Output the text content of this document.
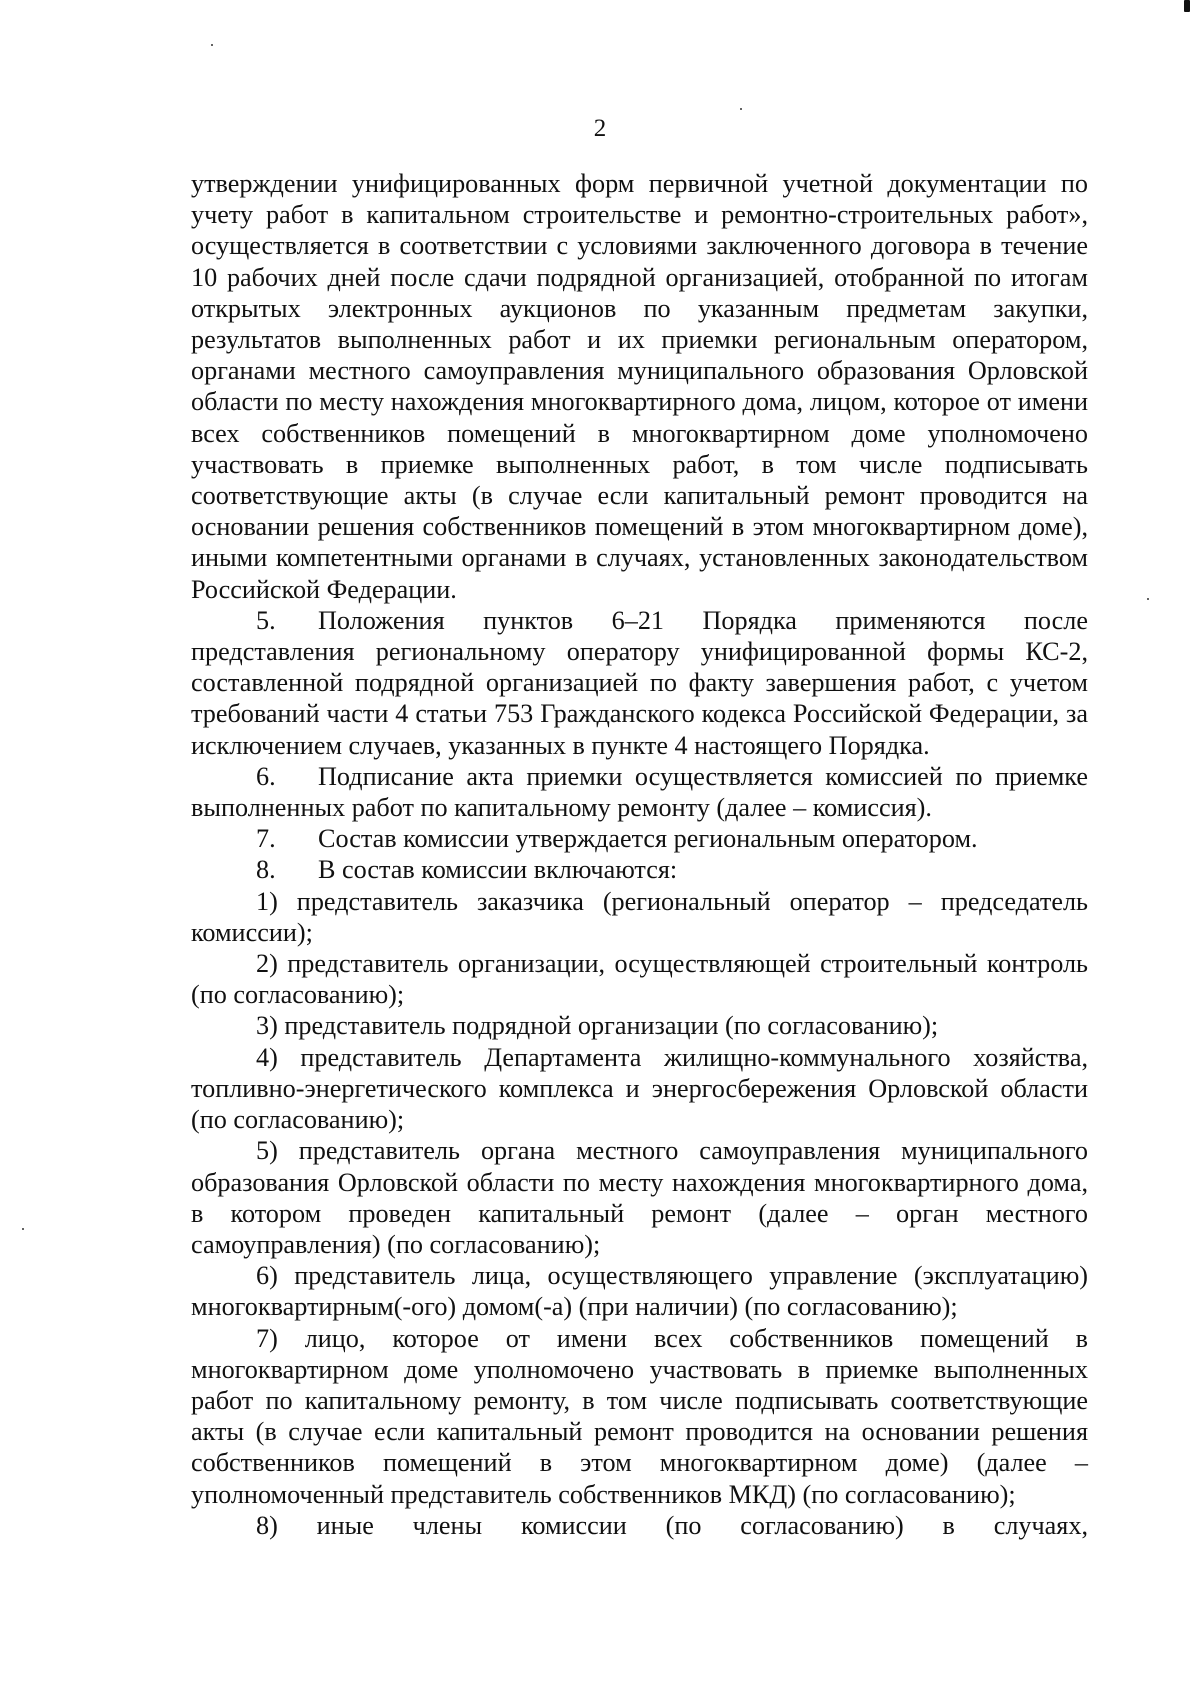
2

утверждении унифицированных форм первичной учетной документации по учету работ в капитальном строительстве и ремонтно-строительных работ», осуществляется в соответствии с условиями заключенного договора в течение 10 рабочих дней после сдачи подрядной организацией, отобранной по итогам открытых электронных аукционов по указанным предметам закупки, результатов выполненных работ и их приемки региональным оператором, органами местного самоуправления муниципального образования Орловской области по месту нахождения многоквартирного дома, лицом, которое от имени всех собственников помещений в многоквартирном доме уполномочено участвовать в приемке выполненных работ, в том числе подписывать соответствующие акты (в случае если капитальный ремонт проводится на основании решения собственников помещений в этом многоквартирном доме), иными компетентными органами в случаях, установленных законодательством Российской Федерации.

5. Положения пунктов 6–21 Порядка применяются после представления региональному оператору унифицированной формы КС-2, составленной подрядной организацией по факту завершения работ, с учетом требований части 4 статьи 753 Гражданского кодекса Российской Федерации, за исключением случаев, указанных в пункте 4 настоящего Порядка.

6. Подписание акта приемки осуществляется комиссией по приемке выполненных работ по капитальному ремонту (далее – комиссия).

7. Состав комиссии утверждается региональным оператором.

8. В состав комиссии включаются:

1) представитель заказчика (региональный оператор – председатель комиссии);

2) представитель организации, осуществляющей строительный контроль (по согласованию);

3) представитель подрядной организации (по согласованию);

4) представитель Департамента жилищно-коммунального хозяйства, топливно-энергетического комплекса и энергосбережения Орловской области (по согласованию);

5) представитель органа местного самоуправления муниципального образования Орловской области по месту нахождения многоквартирного дома, в котором проведен капитальный ремонт (далее – орган местного самоуправления) (по согласованию);

6) представитель лица, осуществляющего управление (эксплуатацию) многоквартирным(-ого) домом(-а) (при наличии) (по согласованию);

7) лицо, которое от имени всех собственников помещений в многоквартирном доме уполномочено участвовать в приемке выполненных работ по капитальному ремонту, в том числе подписывать соответствующие акты (в случае если капитальный ремонт проводится на основании решения собственников помещений в этом многоквартирном доме) (далее – уполномоченный представитель собственников МКД) (по согласованию);

8) иные члены комиссии (по согласованию) в случаях,
